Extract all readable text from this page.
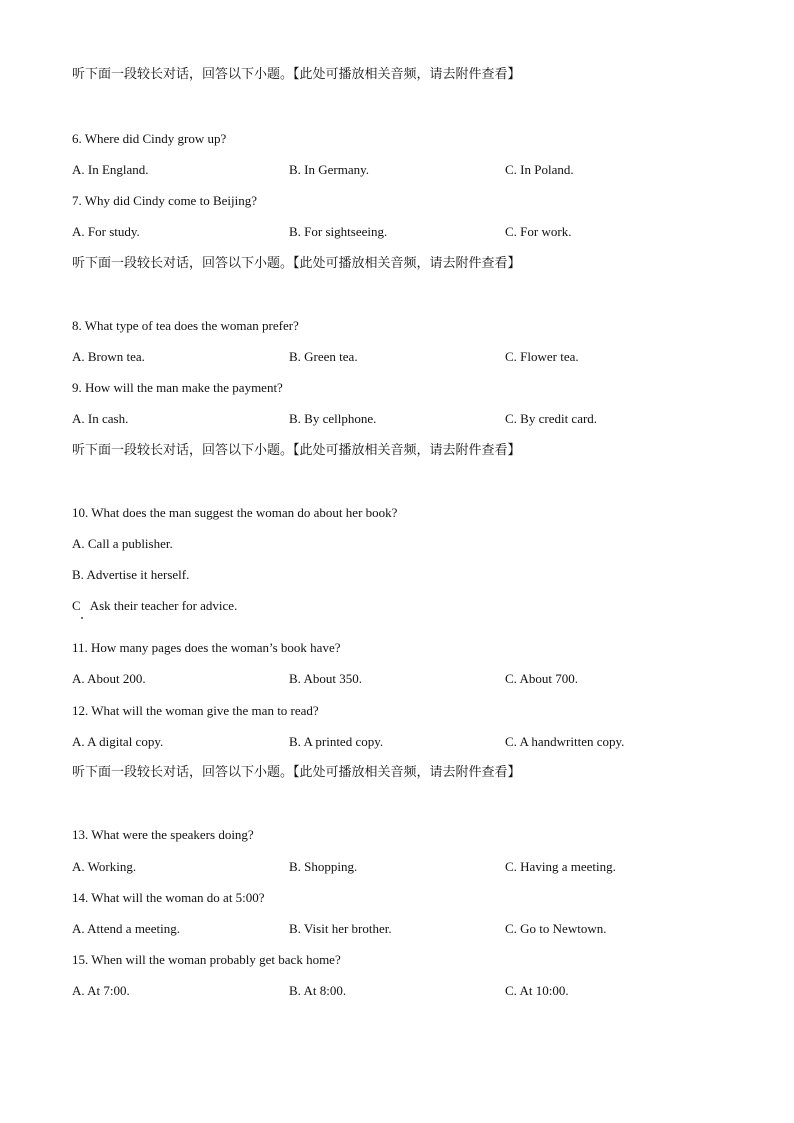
听下面一段较长对话，回答以下小题。【此处可播放相关音频，请去附件查看】
6. Where did Cindy grow up?
A. In England.	B. In Germany.	C. In Poland.
7. Why did Cindy come to Beijing?
A. For study.	B. For sightseeing.	C. For work.
听下面一段较长对话，回答以下小题。【此处可播放相关音频，请去附件查看】
8. What type of tea does the woman prefer?
A. Brown tea.	B. Green tea.	C. Flower tea.
9. How will the man make the payment?
A. In cash.	B. By cellphone.	C. By credit card.
听下面一段较长对话，回答以下小题。【此处可播放相关音频，请去附件查看】
10. What does the man suggest the woman do about her book?
A. Call a publisher.
B. Advertise it herself.
C   Ask their teacher for advice.
11. How many pages does the woman’s book have?
A. About 200.	B. About 350.	C. About 700.
12. What will the woman give the man to read?
A. A digital copy.	B. A printed copy.	C. A handwritten copy.
听下面一段较长对话，回答以下小题。【此处可播放相关音频，请去附件查看】
13. What were the speakers doing?
A. Working.	B. Shopping.	C. Having a meeting.
14. What will the woman do at 5:00?
A. Attend a meeting.	B. Visit her brother.	C. Go to Newtown.
15. When will the woman probably get back home?
A. At 7:00.	B. At 8:00.	C. At 10:00.
